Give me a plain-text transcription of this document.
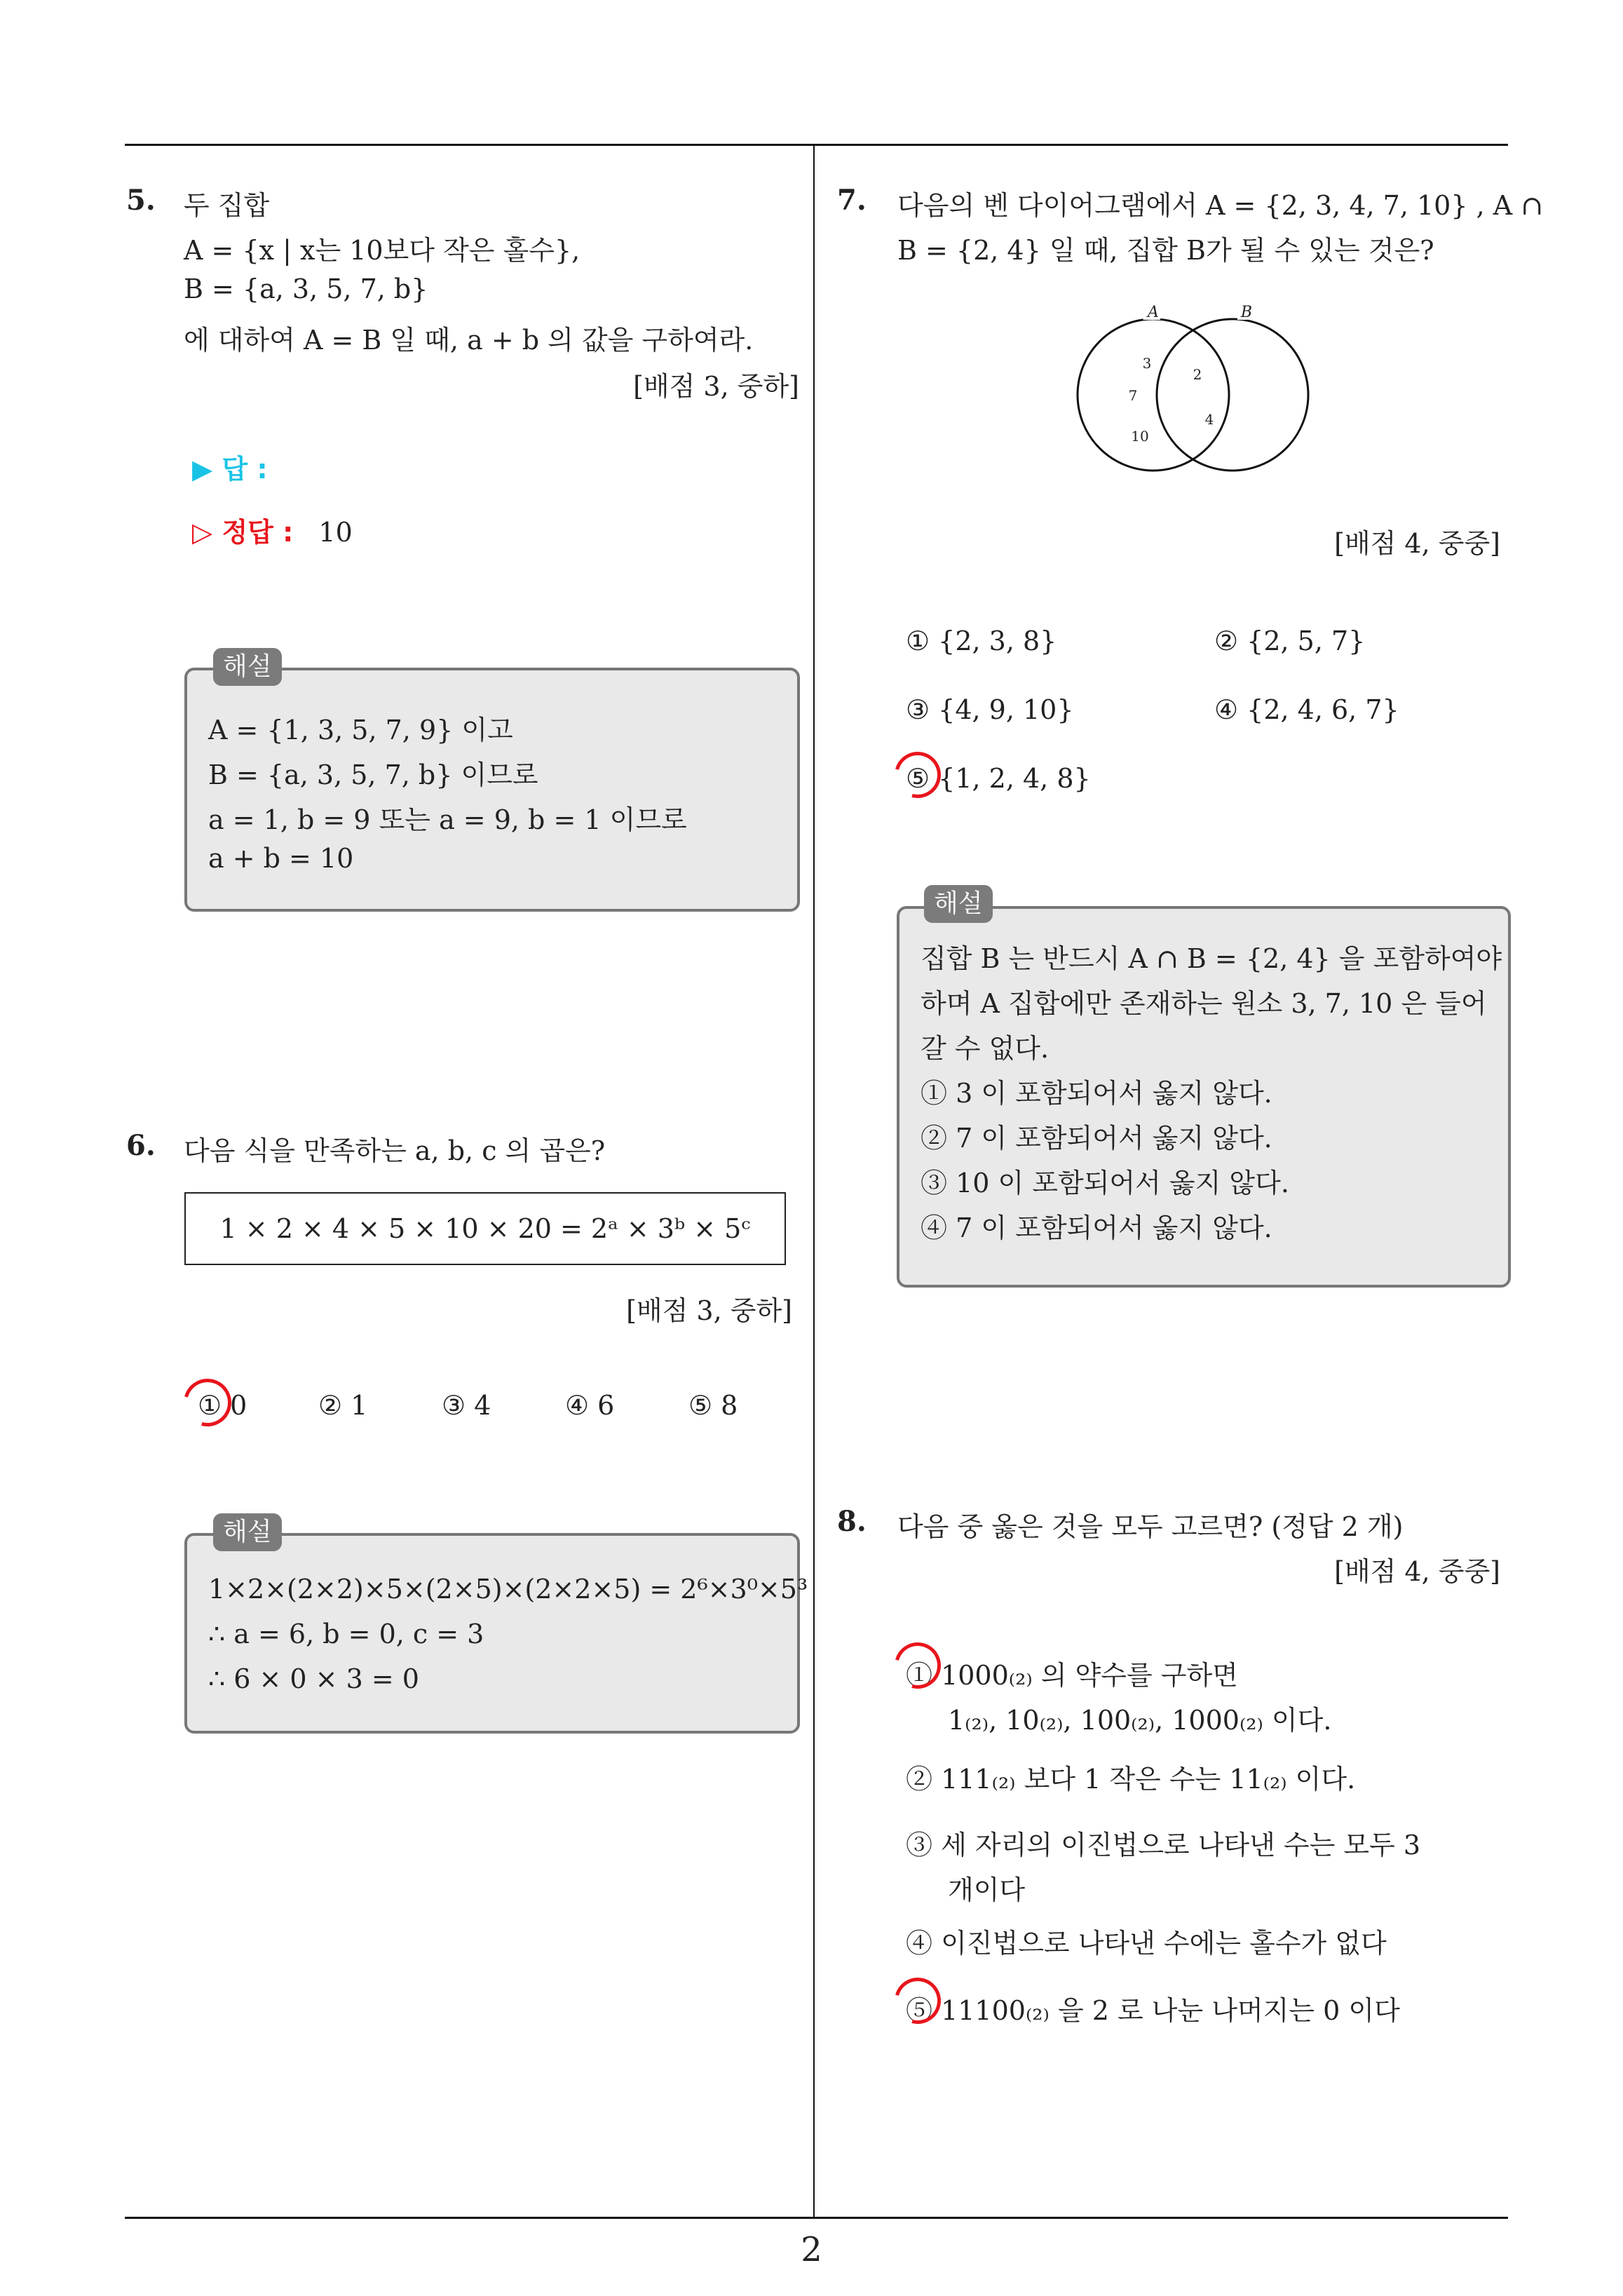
2
5. 두 집합
A = {x | x는 10보다 작은 홀수},
B = {a, 3, 5, 7, b}
에 대하여 A = B 일 때, a + b 의 값을 구하여라.
[배점 3, 중하]
▶ 답 :
▷ 정답 : 10
A = {1, 3, 5, 7, 9} 이고
B = {a, 3, 5, 7, b} 이므로
a = 1, b = 9 또는 a = 9, b = 1 이므로
a + b = 10
해설
6. 다음 식을 만족하는 a, b, c 의 곱은?
1 × 2 × 4 × 5 × 10 × 20 = 2ᵃ × 3ᵇ × 5ᶜ
[배점 3, 중하]
① 0	② 1	③ 4	④ 6	⑤ 8
1×2×(2×2)×5×(2×5)×(2×2×5) = 2⁶×3⁰×5³
∴ a = 6, b = 0, c = 3
∴ 6 × 0 × 3 = 0
해설
7. 다음의 벤 다이어그램에서 A = {2, 3, 4, 7, 10} , A ∩
B = {2, 4} 일 때, 집합 B가 될 수 있는 것은?
A	B
3
7
10
2
4
[배점 4, 중중]
① {2, 3, 8}	② {2, 5, 7}
③ {4, 9, 10}	④ {2, 4, 6, 7}
⑤ {1, 2, 4, 8}
집합 B 는 반드시 A ∩ B = {2, 4} 을 포함하여야
하며 A 집합에만 존재하는 원소 3, 7, 10 은 들어
갈 수 없다.
① 3 이 포함되어서 옳지 않다.
② 7 이 포함되어서 옳지 않다.
③ 10 이 포함되어서 옳지 않다.
④ 7 이 포함되어서 옳지 않다.
해설
8. 다음 중 옳은 것을 모두 고르면? (정답 2 개)
[배점 4, 중중]
① 1000₍₂₎ 의 약수를 구하면
1₍₂₎, 10₍₂₎, 100₍₂₎, 1000₍₂₎ 이다.
② 111₍₂₎ 보다 1 작은 수는 11₍₂₎ 이다.
③ 세 자리의 이진법으로 나타낸 수는 모두 3
개이다
④ 이진법으로 나타낸 수에는 홀수가 없다
⑤ 11100₍₂₎ 을 2 로 나눈 나머지는 0 이다
